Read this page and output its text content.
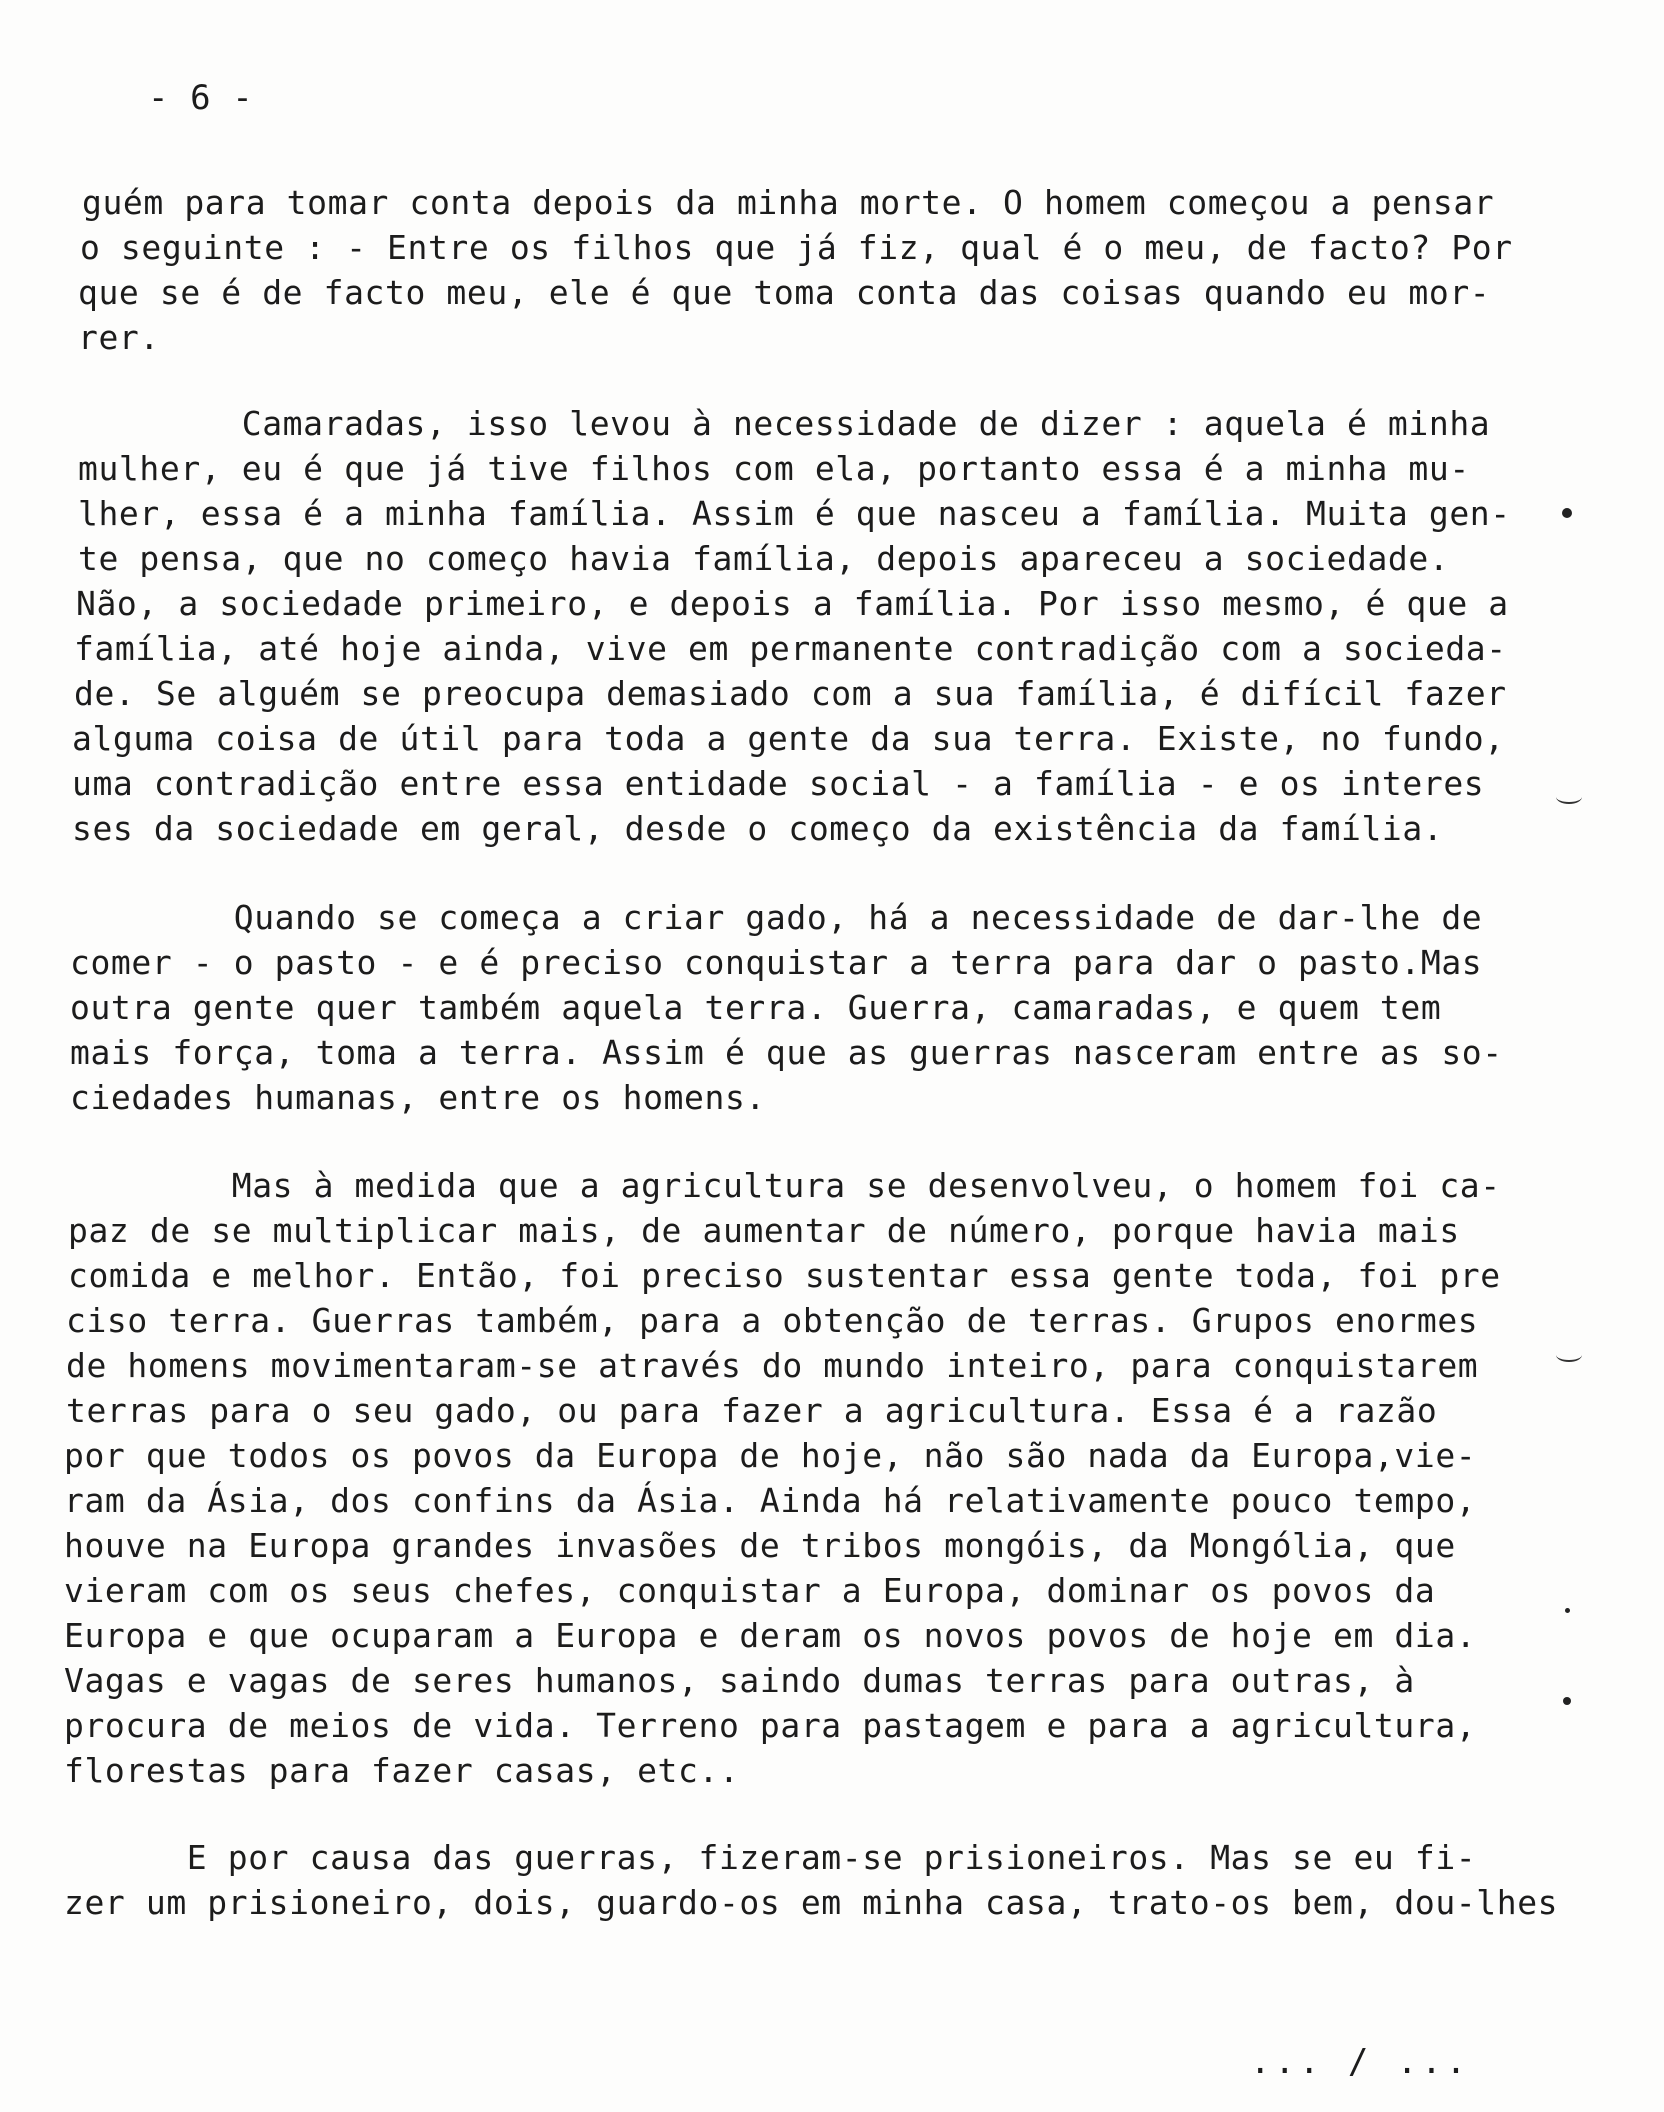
- 6 -
guém para tomar conta depois da minha morte. O homem começou a pensar
o seguinte : - Entre os filhos que já fiz, qual é o meu, de facto? Por
que se é de facto meu, ele é que toma conta das coisas quando eu mor-
rer.
Camaradas, isso levou à necessidade de dizer : aquela é minha
mulher, eu é que já tive filhos com ela, portanto essa é a minha mu-
lher, essa é a minha família. Assim é que nasceu a família. Muita gen-
te pensa, que no começo havia família, depois apareceu a sociedade.
Não, a sociedade primeiro, e depois a família. Por isso mesmo, é que a
família, até hoje ainda, vive em permanente contradição com a socieda-
de. Se alguém se preocupa demasiado com a sua família, é difícil fazer
alguma coisa de útil para toda a gente da sua terra. Existe, no fundo,
uma contradição entre essa entidade social - a família - e os interes
ses da sociedade em geral, desde o começo da existência da família.
Quando se começa a criar gado, há a necessidade de dar-lhe de
comer - o pasto - e é preciso conquistar a terra para dar o pasto.Mas
outra gente quer também aquela terra. Guerra, camaradas, e quem tem
mais força, toma a terra. Assim é que as guerras nasceram entre as so-
ciedades humanas, entre os homens.
Mas à medida que a agricultura se desenvolveu, o homem foi ca-
paz de se multiplicar mais, de aumentar de número, porque havia mais
comida e melhor. Então, foi preciso sustentar essa gente toda, foi pre
ciso terra. Guerras também, para a obtenção de terras. Grupos enormes
de homens movimentaram-se através do mundo inteiro, para conquistarem
terras para o seu gado, ou para fazer a agricultura. Essa é a razão
por que todos os povos da Europa de hoje, não são nada da Europa,vie-
ram da Ásia, dos confins da Ásia. Ainda há relativamente pouco tempo,
houve na Europa grandes invasões de tribos mongóis, da Mongólia, que
vieram com os seus chefes, conquistar a Europa, dominar os povos da
Europa e que ocuparam a Europa e deram os novos povos de hoje em dia.
Vagas e vagas de seres humanos, saindo dumas terras para outras, à
procura de meios de vida. Terreno para pastagem e para a agricultura,
florestas para fazer casas, etc..
E por causa das guerras, fizeram-se prisioneiros. Mas se eu fi-
zer um prisioneiro, dois, guardo-os em minha casa, trato-os bem, dou-lhes
... / ...
